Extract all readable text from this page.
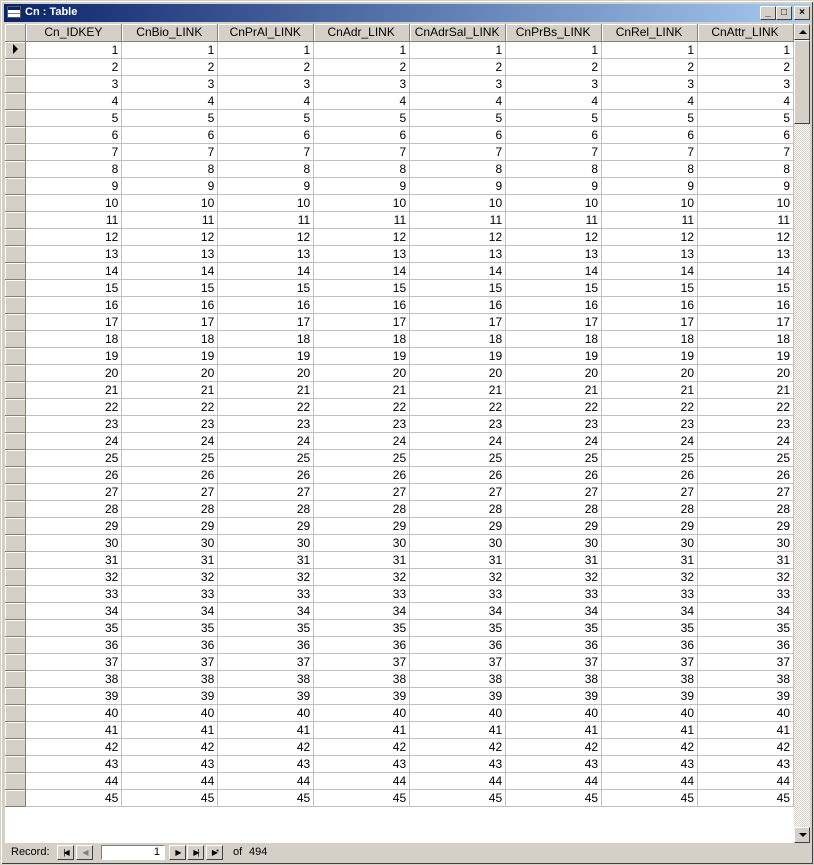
Cn : Table	_	□	×
	Cn_IDKEY	CnBio_LINK	CnPrAl_LINK	CnAdr_LINK	CnAdrSal_LINK	CnPrBs_LINK	CnRel_LINK	CnAttr_LINK
	1	1	1	1	1	1	1	1
	2	2	2	2	2	2	2	2
	3	3	3	3	3	3	3	3
	4	4	4	4	4	4	4	4
	5	5	5	5	5	5	5	5
	6	6	6	6	6	6	6	6
	7	7	7	7	7	7	7	7
	8	8	8	8	8	8	8	8
	9	9	9	9	9	9	9	9
	10	10	10	10	10	10	10	10
	11	11	11	11	11	11	11	11
	12	12	12	12	12	12	12	12
	13	13	13	13	13	13	13	13
	14	14	14	14	14	14	14	14
	15	15	15	15	15	15	15	15
	16	16	16	16	16	16	16	16
	17	17	17	17	17	17	17	17
	18	18	18	18	18	18	18	18
	19	19	19	19	19	19	19	19
	20	20	20	20	20	20	20	20
	21	21	21	21	21	21	21	21
	22	22	22	22	22	22	22	22
	23	23	23	23	23	23	23	23
	24	24	24	24	24	24	24	24
	25	25	25	25	25	25	25	25
	26	26	26	26	26	26	26	26
	27	27	27	27	27	27	27	27
	28	28	28	28	28	28	28	28
	29	29	29	29	29	29	29	29
	30	30	30	30	30	30	30	30
	31	31	31	31	31	31	31	31
	32	32	32	32	32	32	32	32
	33	33	33	33	33	33	33	33
	34	34	34	34	34	34	34	34
	35	35	35	35	35	35	35	35
	36	36	36	36	36	36	36	36
	37	37	37	37	37	37	37	37
	38	38	38	38	38	38	38	38
	39	39	39	39	39	39	39	39
	40	40	40	40	40	40	40	40
	41	41	41	41	41	41	41	41
	42	42	42	42	42	42	42	42
	43	43	43	43	43	43	43	43
	44	44	44	44	44	44	44	44
	45	45	45	45	45	45	45	45
Record:	|◀	◀	1	▶	▶|	▶*	of 494
